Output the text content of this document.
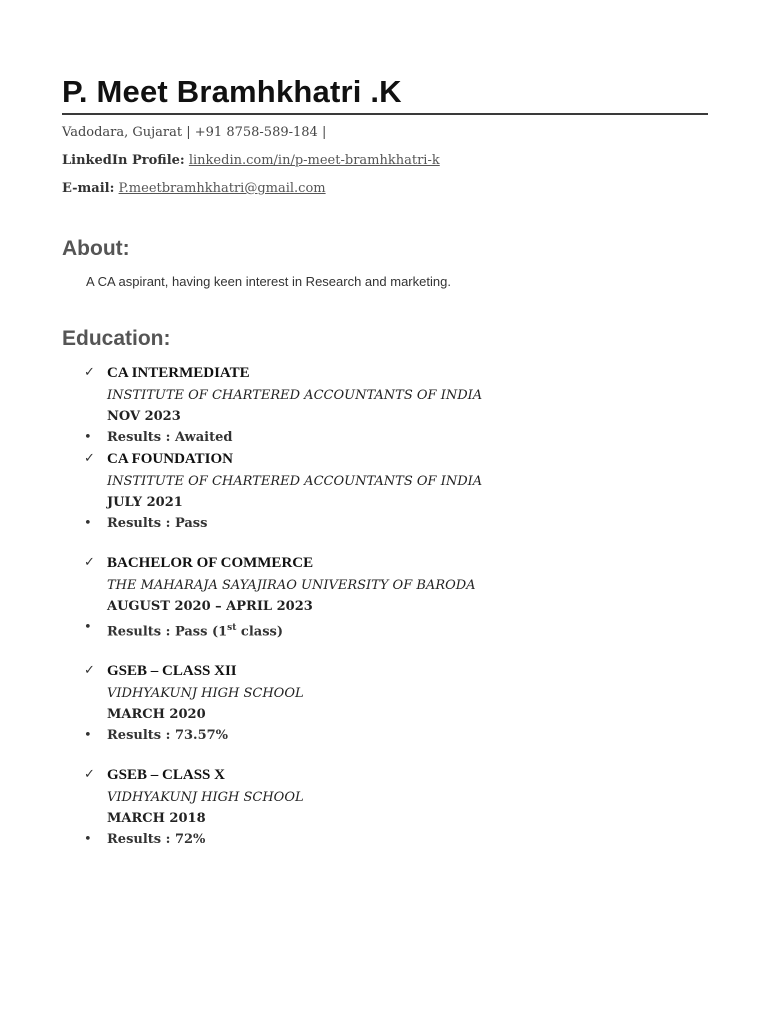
P. Meet Bramhkhatri .K
Vadodara, Gujarat | +91 8758-589-184 |
LinkedIn Profile: linkedin.com/in/p-meet-bramhkhatri-k
E-mail: P.meetbramhkhatri@gmail.com
About:
A CA aspirant, having keen interest in Research and marketing.
Education:
✓ CA INTERMEDIATE
INSTITUTE OF CHARTERED ACCOUNTANTS OF INDIA
NOV 2023
• Results : Awaited
✓ CA FOUNDATION
INSTITUTE OF CHARTERED ACCOUNTANTS OF INDIA
JULY 2021
• Results : Pass
✓ BACHELOR OF COMMERCE
THE MAHARAJA SAYAJIRAO UNIVERSITY OF BARODA
AUGUST 2020 – APRIL 2023
• Results : Pass (1st class)
✓ GSEB – CLASS XII
VIDHYAKUNJ HIGH SCHOOL
MARCH 2020
• Results : 73.57%
✓ GSEB – CLASS X
VIDHYAKUNJ HIGH SCHOOL
MARCH 2018
• Results : 72%
